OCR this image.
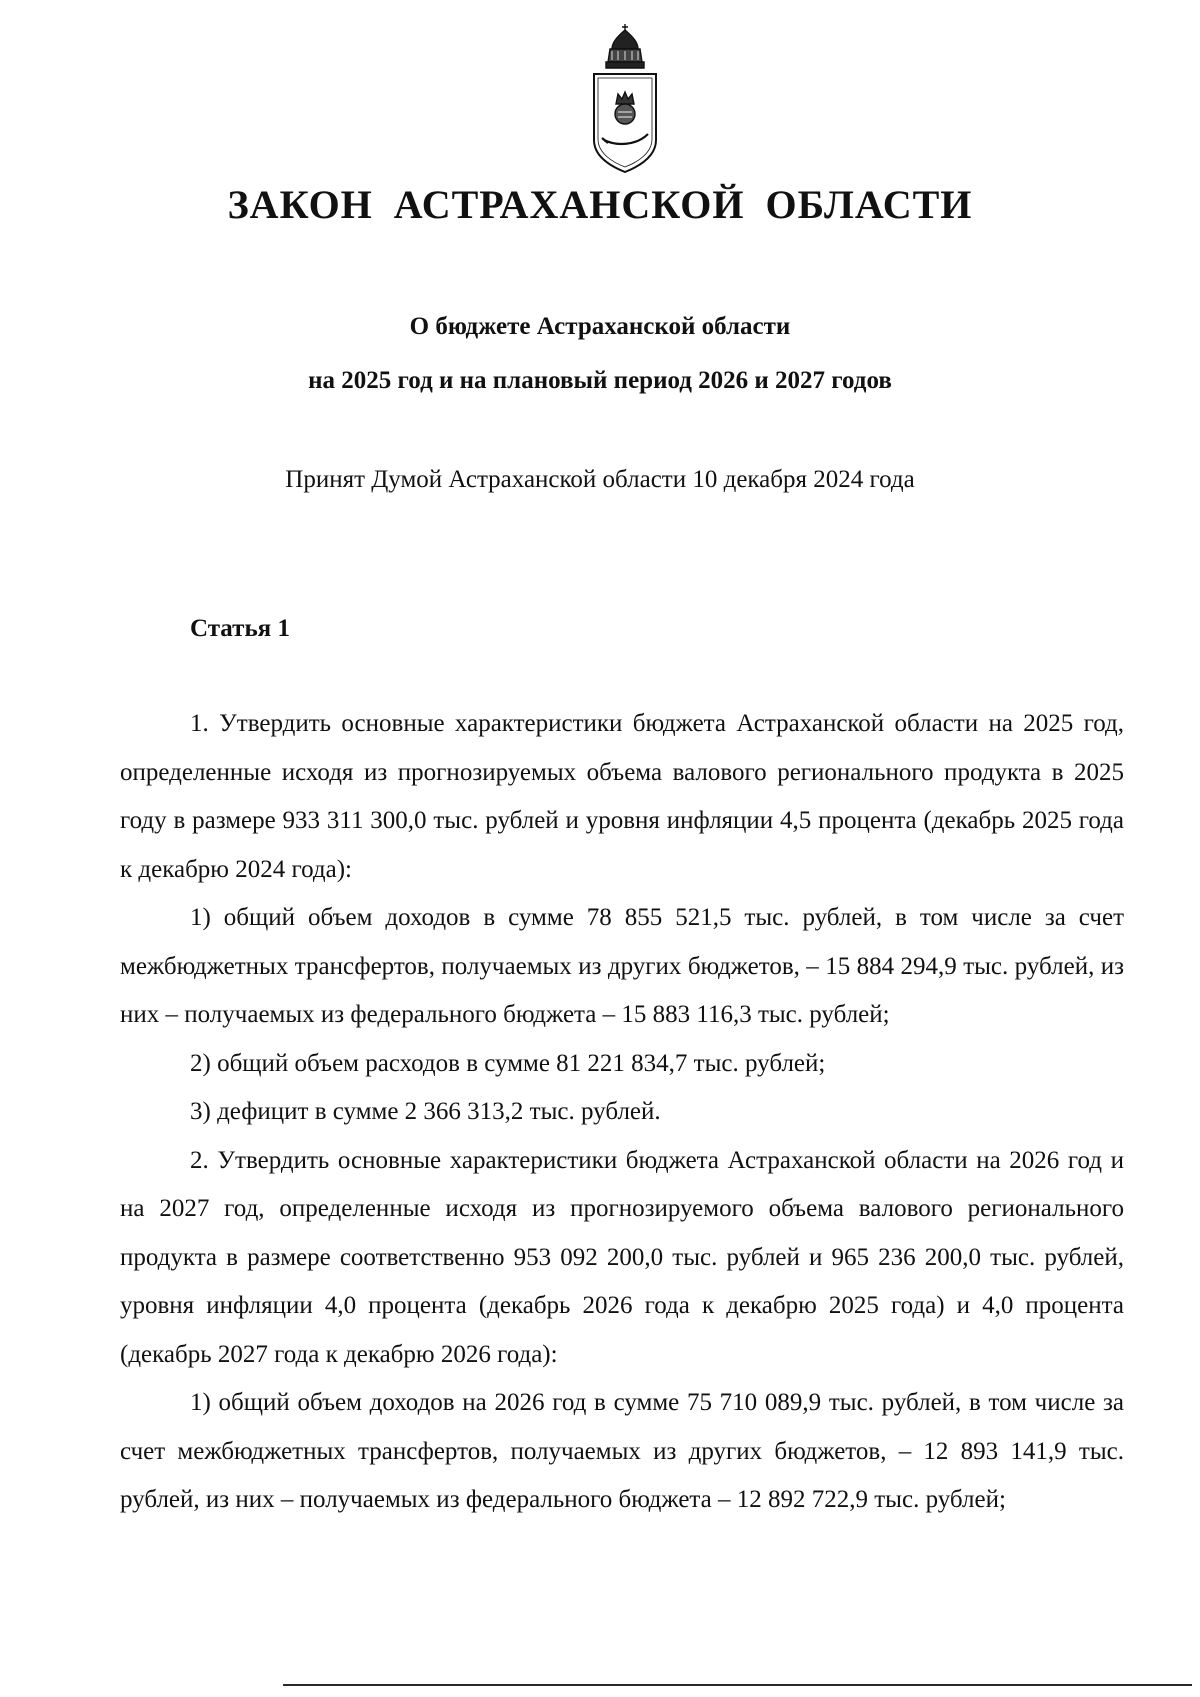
ЗАКОН АСТРАХАНСКОЙ ОБЛАСТИ
О бюджете Астраханской области
на 2025 год и на плановый период 2026 и 2027 годов
Принят Думой Астраханской области 10 декабря 2024 года
Статья 1

1. Утвердить основные характеристики бюджета Астраханской области на 2025 год, определенные исходя из прогнозируемых объема валового регионального продукта в 2025 году в размере 933 311 300,0 тыс. рублей и уровня инфляции 4,5 процента (декабрь 2025 года к декабрю 2024 года):

1) общий объем доходов в сумме 78 855 521,5 тыс. рублей, в том числе за счет межбюджетных трансфертов, получаемых из других бюджетов, – 15 884 294,9 тыс. рублей, из них – получаемых из федерального бюджета – 15 883 116,3 тыс. рублей;

2) общий объем расходов в сумме 81 221 834,7 тыс. рублей;

3) дефицит в сумме 2 366 313,2 тыс. рублей.

2. Утвердить основные характеристики бюджета Астраханской области на 2026 год и на 2027 год, определенные исходя из прогнозируемого объема валового регионального продукта в размере соответственно 953 092 200,0 тыс. рублей и 965 236 200,0 тыс. рублей, уровня инфляции 4,0 процента (декабрь 2026 года к декабрю 2025 года) и 4,0 процента (декабрь 2027 года к декабрю 2026 года):

1) общий объем доходов на 2026 год в сумме 75 710 089,9 тыс. рублей, в том числе за счет межбюджетных трансфертов, получаемых из других бюджетов, – 12 893 141,9 тыс. рублей, из них – получаемых из федерального бюджета – 12 892 722,9 тыс. рублей;
